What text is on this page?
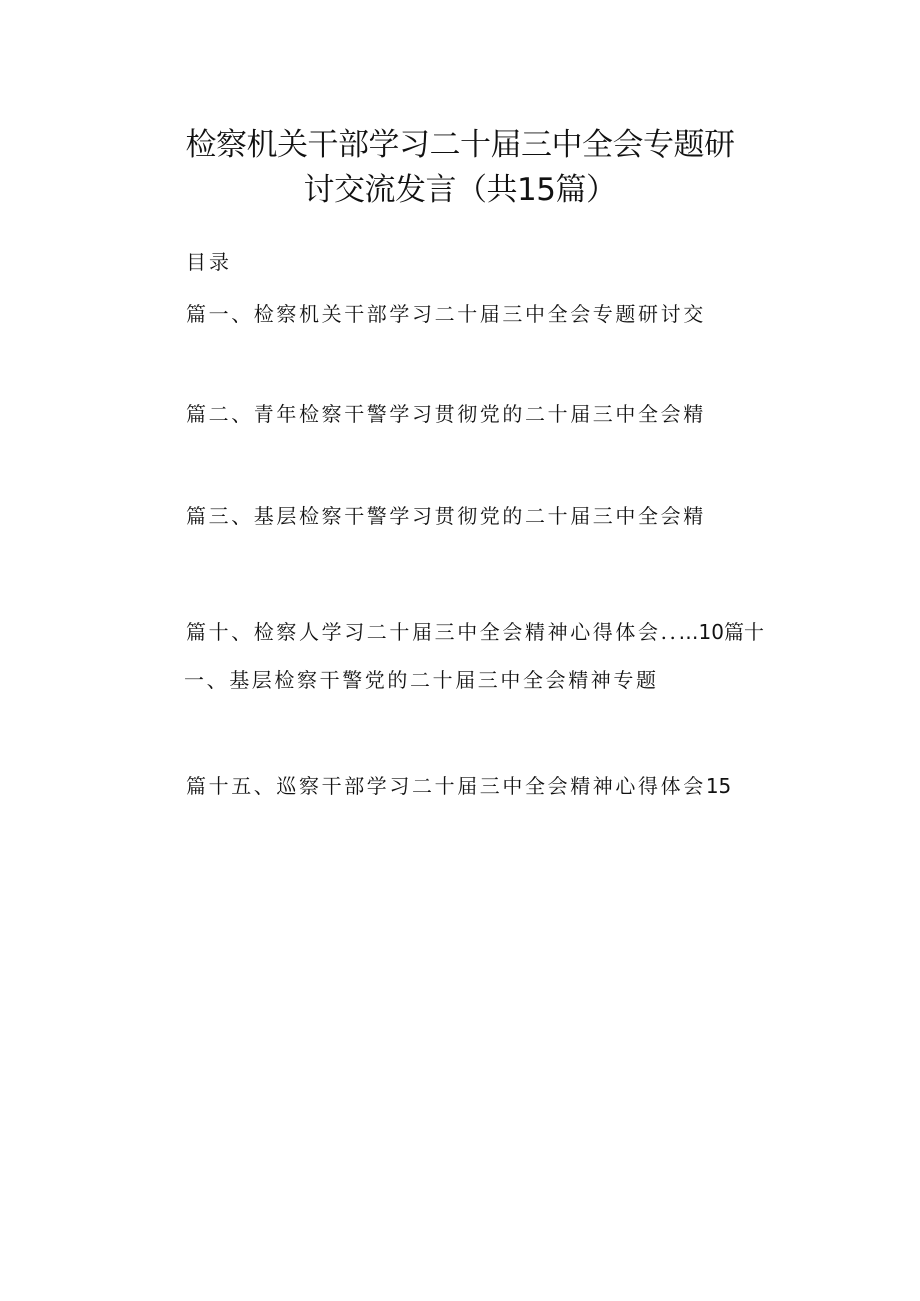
检察机关干部学习二十届三中全会专题研
讨交流发言（共15篇）
目录
篇一、检察机关干部学习二十届三中全会专题研讨交
篇二、青年检察干警学习贯彻党的二十届三中全会精
篇三、基层检察干警学习贯彻党的二十届三中全会精
篇十、检察人学习二十届三中全会精神心得体会..…10篇十
一、基层检察干警党的二十届三中全会精神专题
篇十五、巡察干部学习二十届三中全会精神心得体会15
